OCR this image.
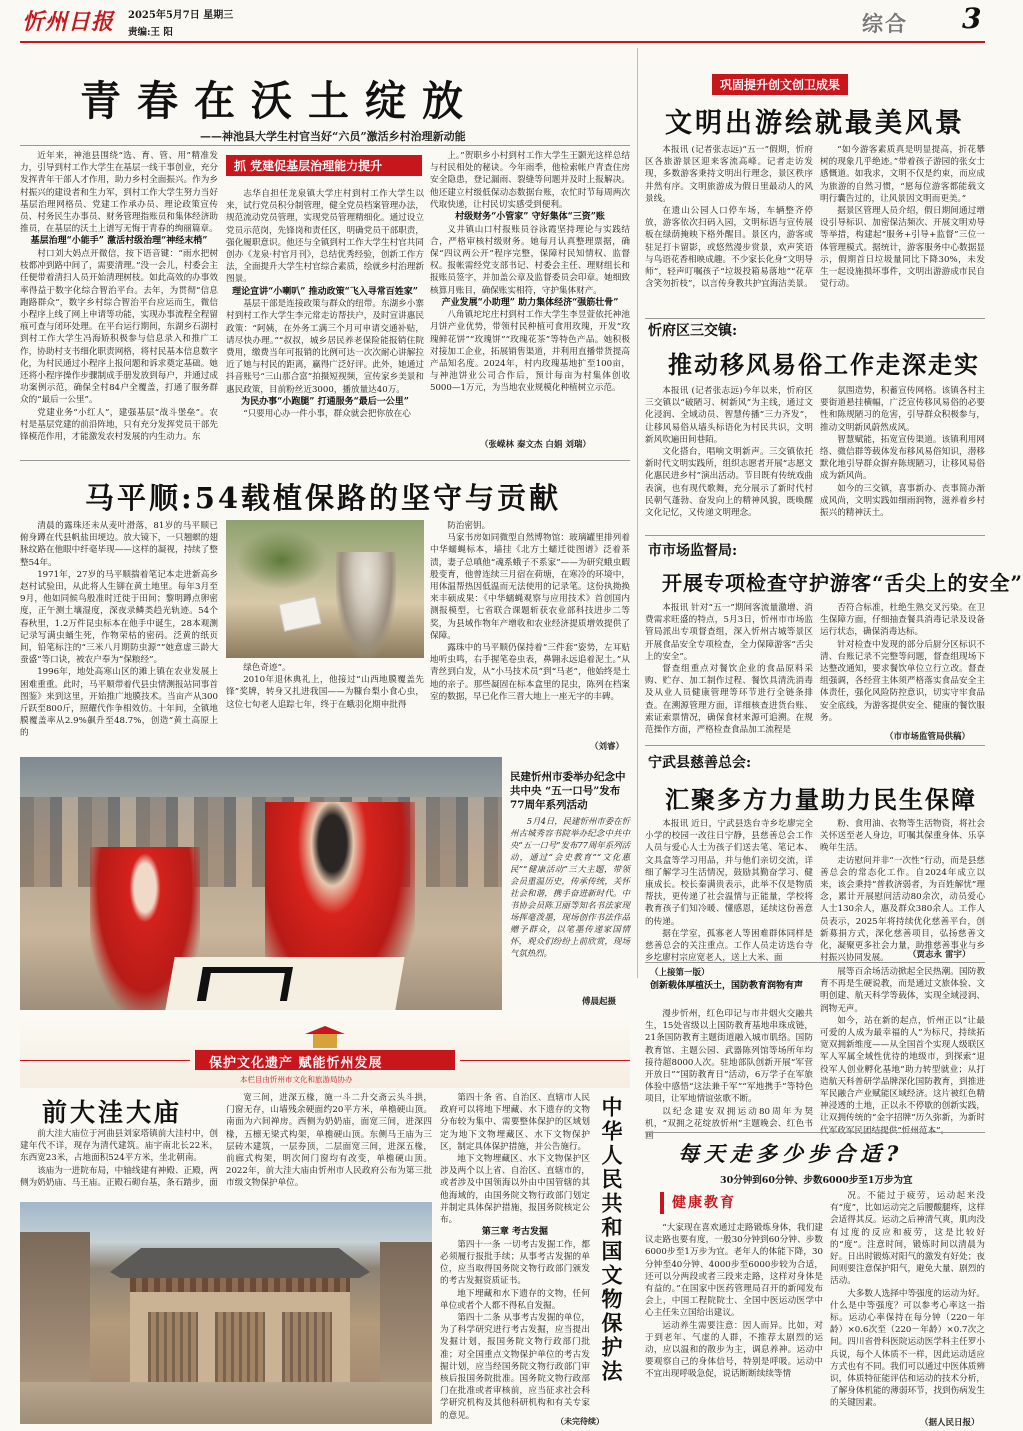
忻州日报	2025年5月7日 星期三
责编:王 阳	综合 3
青春在沃土绽放
——神池县大学生村官当好“六员”激活乡村治理新动能

近年来，神池县围绕“选、育、管、用”精准发力，引导到村工作大学生在基层一线干事创业，充分发挥青年干部人才作用，助力乡村全面振兴。作为乡村振兴的建设者和生力军，到村工作大学生努力当好基层治理网格员、党建工作承办员、理论政策宣传员、村务民生办事员、财务管理指账员和集体经济助推员，在基层的沃土上谱写无悔于青春的绚丽篇章。

基层治理“小能手” 激活村级治理“神经末梢”

村口刘大妈点开微信，按下语音键：“雨水把树枝都冲到路中间了，需要清理。”没一会儿，村委会主任便带着清扫人员开始清理树枝。如此高效的办事效率得益于数字化综合智治平台。去年，为贯彻“信息跑路群众”，数字乡村综合智治平台应运而生，微信小程序上线了网上申请等功能，实现办事流程全程留痕可查与闭环处理。在平台运行期间，东湖乡石湖村到村工作大学生冯海娇积极参与信息录入和推广工作，协助村支书细化职责网格，将村民基本信息数字化，为村民通过小程序上报问题和诉求奠定基础。她还将小程序操作步骤制成手册发放到每户，并通过成功案例示范，确保全村84户全覆盖，打通了服务群众的“最后一公里”。

党建业务“小红人”，建强基层“战斗堡垒”。农村是基层党建的前沿阵地，只有充分发挥党员干部先锋模范作用，才能激发农村发展的内生动力。东

抓 党建促基层治理能力提升

志华自担任龙泉镇大学庄村到村工作大学生以来，试行党员积分制管理，健全党员档案管理办法，规范流动党员管理，实现党员管理精细化。通过设立党员示范岗，先锋岗和责任区，明确党员干部职责，强化履职意识。他还与全镇到村工作大学生村官共同创办《龙泉·村官月刊》，总结优秀经验，创新工作方法，全面提升大学生村官综合素质，绘就乡村治理新图景。

理论宣讲“小喇叭” 推动政策“飞入寻常百姓家”

基层干部是连接政策与群众的纽带。东湖乡小寨村到村工作大学生李元常走访帮扶户，及时宣讲惠民政策：“阿姨，在外务工满三个月可申请交通补贴，请尽快办理。”“叔叔，城乡居民养老保险能报销住院费用，缴费当年可报销的比例可达一次次耐心讲解拉近了她与村民的距离，赢得广泛好评。此外，她通过抖音账号“三山那合富”拍摄短视频，宣传家乡美景和惠民政策，目前粉丝近3000，播放量达40万。

为民办事“小跑腿” 打通服务“最后一公里”

“只要用心办一件小事，群众就会把你放在心

上。”贺职乡小村到村工作大学生王颢光这样总结与村民相处的秘诀。今年雨季，他检索帐户青查住房安全隐患，登记漏雨、裂缝等问题并及时上报解决。他还建立村级低保动态数据台账，农忙时节每周两次代取快递，让村民切实感受到便利。

村级财务“小管家” 守好集体“三资”账

义井镇山口村报账员谷泳霞坚持理论与实践结合，严格审核村级财务。她每月认真整理票据，确保“四议两公开”程序完整，保障村民知情权、监督权。报帐需经党支部书记、村委会主任、理财组长和报账员签字，并加盖公章及监督委员会印章。她细致核算月账目，确保账实相符，守护集体财产。

产业发展“小助理” 助力集体经济“强筋壮骨”

八角镇坨坨庄村到村工作大学生李昱萱依托神池月饼产业优势，带领村民种植可食用玫瑰，开发“玫瑰鲜花饼”“玫瑰饼”“玫瑰花茶”等特色产品。她积极对接加工企业，拓展销售渠道，并利用直播带货提高产品知名度。2024年，村内玫瑰基地扩至100亩，与神池饼业公司合作后，预计每亩为村集体创收5000—1万元，为当地农业规模化种植树立示范。

（张嵘林 秦文杰 白娟 刘瑞）
巩固提升创文创卫成果
文明出游绘就最美风景

本报讯 (记者张志远)“五一”假期，忻府区各旅游景区迎来客流高峰。记者走访发现，多数游客秉持文明出行理念，景区秩序井然有序。文明旅游成为假日里最动人的风景线。

在遗山公园人口停车场，车辆整齐停放，游客依次扫码入园，文明标语与宣传展板在绿荫掩映下格外醒目。景区内，游客或驻足打卡留影，或悠然漫步赏景，欢声笑语与鸟语花香相映成趣。不少家长化身“文明导师”，轻声叮嘱孩子“垃圾投箱易落地”“花草含笑勿折枝”，以言传身教共护宜海洁美景。

“如今游客素质真是明显提高，折花攀树的现象几乎绝迹。”带着孩子游园的张女士感慨道。如我求，文明不仅是约束，而应成为旅游的自然习惯，“愿每位游客都能载文明行囊告过的，让风景因文明而更美。”

据景区管理人员介绍，假日期间通过增设引导标识、加密保洁频次、开展文明劝导等举措，构建起“服务+引导+监督”三位一体管理模式。据统计，游客服务中心数据显示，假期首日垃圾量同比下降30%，未发生一起设施损坏事件，文明出游游成市民自觉行动。

忻府区三交镇:
推动移风易俗工作走深走实

本报讯 (记者张志远)今年以来，忻府区三交镇以“破陋习、树新风”为主线，通过文化浸润、全域动员、智慧传播“三力齐发”，让移风易俗从墙头标语化为村民共识，文明新风吹遍田间巷陌。

文化搭台，唱响文明新声。三交镇依托新时代文明实践所，组织志愿者开展“志愿文化惠民进乡村”演出活动。节目既有传统戏曲表演，也有现代歌舞，充分展示了新时代村民朝气蓬勃、奋发向上的精神风貌，既唤醒文化记忆，又传递文明理念。

氛围造势，积蓄宣传网格。该镇各村主要街道悬挂横幅，广泛宣传移风易俗的必要性和陈规陋习的危害，引导群众积极参与，推动文明新风蔚然成风。

智慧赋能，拓宽宣传渠道。该镇利用网络、微信群等载体发布移风易俗知识，潜移默化地引导群众摒弃陈规陋习，让移风易俗成为新风尚。

如今的三交镇，喜事新办、丧事简办渐成风尚，文明实践如细雨润物，滋养着乡村振兴的精神沃土。

马平顺:54载植保路的坚守与贡献

清晨的露珠还未从麦叶滑落，81岁的马平顺已俯身蹲在代县帆盐田埂边。放大镜下，一只翘螟的翅脉纹路在他眼中纤毫毕现——这样的凝视，持续了整整54年。

1971年，27岁的马平顺揣着笔记本走进新高乡赵村试验田，从此将人生铆在黄土地里。每年3月至9月，他如同候鸟般准时迁徙于田间；黎明蹲点卵密度，正午测土壤湿度，深夜录鳞类趋光轨迹。54个春秋里，1.2万件昆虫标本在他手中诞生，28本观测记录写满虫蛹生死，作物荣枯的密码。泛黄的纸页间，铅笔标注的“三米八月期防虫源”“她意虚三龄大蚕盛”等口诀，被农户奉为“保粮经”。

1996年，地处高寒山区的滩上镇在农业发展上困难重重。此时，马平顺带着代县虫情测报站同事首图鉴》来到这里，开始推广地膜技术。当亩产从300斤跃至800斤，照耀代作争相效仿。十年间，全镇地膜覆盖率从2.9%飙升至48.7%，创造“黄土高原上的

绿色奇迹”。

2010年退休典礼上，他接过“山西地膜覆盖先锋”奖牌，转身又扎进我国——为糠台梨小食心虫，这位七旬老人追踪七年，终于在蛾羽化期申批得

防治密钥。

马家书房如同微型自然博物馆：玻璃罐里排列着中华蠕蝇标本，墙挂《北方土蠕迁徙图谱》泛着茶渍，妻子总嗔他“魂系蛾子不系家”——为研究蛾虫暇般变育，他曾连续三月宿在荷塘，在寒冷的环境中，用体温帮热因低温而无法使用的记录笔。这份执拗换来丰硕成果：《中华蠕蝇观察与应用技术》首创国内测报模型，七省联合课题斩获农业部科技进步二等奖，为县域作物年产增收和农业经济提质增效提供了保障。

露珠中的马平顺仍保持着“三件套”姿势，左耳贴地听虫鸣，右手握笔卷虫表，鼻翱永远追着泥土。”从青丝到白发，从“小马技术员”到“马老”，他始终是土地的亲子。那些凝固在标本盒里的昆虫，陈列在档案室的数据，早已化作三晋大地上一座无字的丰碑。

（刘睿）
民建忻州市委举办纪念中共中央 “五一口号”发布77周年系列活动

5月4日，民建忻州市委在忻州古城秀容书院举办纪念中共中央“五一口号”发布77周年系列活动，通过“会史教育”“文化惠民”“健康活动”三大主题，带领会员重温历史，传承传统，关怀社会和谐，携手奋进新时代。中书协会员陈卫丽等知名书法家现场挥毫泼墨，现场创作书法作品赠予群众，以笔墨传递家国情怀，观众们纷纷上前欣赏，现场气氛热烈。

傅晨起摄
市市场监督局:
开展专项检查守护游客“舌尖上的安全”

本报讯 针对“五一”期间客流量激增、消费需求旺盛的特点，5月3日，忻州市市场监管局派出专项督查组，深入忻州古城等景区开展食品安全专项检查，全力保障游客“舌尖上的安全”。

督查组重点对餐饮企业的食品原料采购、贮存、加工制作过程、餐饮具清洗消毒及从业人员健康管理等环节进行全链条排查。在溯源管理方面，详细核查进货台账、索证索票情况，确保食材来源可追溯。在规范操作方面，严格检查食品加工流程是

否符合标准，杜绝生熟交叉污染。在卫生保障方面，仔细抽查餐具消毒记录及设备运行状态，确保消毒达标。

针对检查中发现的部分后厨分区标识不清、台账记录不完整等问题，督查组现场下达整改通知，要求餐饮单位立行立改。督查组强调，各经营主体须严格落实食品安全主体责任，强化风险防控意识，切实守牢食品安全底线，为游客提供安全、健康的餐饮服务。

（市市场监管局供稿）
宁武县慈善总会:
汇聚多方力量助力民生保障

本报讯 近日，宁武县迭台寺乡圪廖完全小学的校园一改往日宁静，县慈善总会工作人员与爱心人士为孩子们送去笔、笔记本、文具盒等学习用品，并与他们亲切交流，详细了解学习生活情况，鼓励其勤奋学习、健康成长。校长秦满贵表示，此举不仅是物质帮扶，更传递了社会温情与正能量，学校将教育孩子们知冷暖、懂感恩，延续这份善意的传递。

据在学室，孤寡老人等困难群体同样是慈善总会的关注重点。工作人员走访迭台寺乡圪廖村宗应宽老人，送上大米、面

粉、食用油、衣物等生活物资，将社会关怀送至老人身边，叮嘱其保重身体、乐享晚年生活。

走访慰问并非“一次性”行动，而是县慈善总会的常态化工作。自2024年成立以来，该会秉持“普救济弱者，为百姓解忧”理念，累计开展慰问活动80余次，动员爱心人士130余人，惠及群众380余人。工作人员表示，2025年将持续优化慈善平台，创新募捐方式，深化慈善项目，弘扬慈善文化，凝聚更多社会力量，助推慈善事业与乡村振兴协同发展。	（贾志永 雷宇）
（上接第一版）
创新载体厚植沃土，国防教育润物有声

漫步忻州，红色印记与市井烟火交融共生，15处省级以上国防教育基地串珠成链，21条国防教育主题街道融入城市肌络。国防教育馆、主题公园、武器陈列馆等场所年均接待超8000人次。驻地部队创新开展“军营开放日”“国防教育日”活动，6万学子在军旅体验中感悟“这法兼千军”“军地携手”等特色项目，让军地情谊弦歌不断。

以纪念建安双拥运动80周年为契机，“双拥之花绽放忻州”主题晚会、红色书画

展等百余场活动掀起全民热潮。国防教育不再是生硬说教，而是通过文旅体验、文明创建、航天科学等载体，实现全域浸润、润物无声。

如今，站在新的起点，忻州正以“让最可爱的人成为最幸福的人”为标尺，持续拓宽双拥新维度——从全国首个实现人级联区军人军属全域性优待的地级市，到探索“退役军人创业孵化基地”助力转型就业；从打造航天科普研学品牌深化国防教育，到推进军民融合产业赋能区域经济。这片被红色精神浸透的土地，正以永不停歇的创新实践，让双拥传统的“金字招牌”历久弥新，为新时代军政军民团结提供“忻州范本”。

保护文化遗产 赋能忻州发展
本栏目由忻州市文化和旅游局协办
前大洼大庙

前大洼大庙位于河曲县刘家塔镇前大洼村中，创建年代不详，现存为清代建筑。庙宇南北长22米，东西宽23米，占地面积524平方米，坐北朝南。

该庙为一进院布局，中轴线建有神殿、正殿，两侧为奶奶庙、马王庙。正殿石砌台基，条石踏步，面

宽三间，进深五椽，施一斗二升交斋云头斗拱，门窗无存，山墙残余硬面约20平方米，单檐硬山顶。南面为六间禅房。西侧为奶奶庙，面宽三间，进深四椽，五檩无梁式构架，单檐硬山顶。东侧马王庙为三层砖木建筑，一层券顶，二层面宽三间，进深五椽，前廊式构架，明次间门窗均有改变，单檐硬山顶。2022年，前大洼大庙由忻州市人民政府公布为第三批市级文物保护单位。

第四十条 省、自治区、直辖市人民政府可以将地下埋藏、水下遗存的文物分布较为集中、需要整体保护的区域划定为地下文物埋藏区、水下文物保护区，制定具体保护措施，并公告施行。

地下文物埋藏区、水下文物保护区涉及两个以上省、自治区、直辖市的，或者涉及中国领海以外由中国管辖的其他海域的，由国务院文物行政部门划定并制定具体保护措施，报国务院核定公布。

第三章 考古发掘

第四十一条 一切考古发掘工作，都必须履行报批手续；从事考古发掘的单位，应当取得国务院文物行政部门颁发的考古发掘资质证书。

地下埋藏和水下遗存的文物，任何单位或者个人都不得私自发掘。

第四十二条 从事考古发掘的单位，为了科学研究进行考古发掘，应当提出发掘计划，报国务院文物行政部门批准；对全国重点文物保护单位的考古发掘计划，应当经国务院文物行政部门审核后报国务院批准。国务院文物行政部门在批准或者审核前，应当征求社会科学研究机构及其他科研机构和有关专家的意见。

（未完待续）
中华人民共和国文物保护法	每天走多少步合适?
30分钟到60分钟、步数6000步至1万步为宜
健康教育

“大家现在喜欢通过走路锻炼身体，我们建议走路也要有度，一般30分钟到60分钟、步数6000步至1万步为宜。老年人的体能下降，30分钟至40分钟、4000步至6000步较为合适，还可以分两段或者三段来走路，这样对身体是有益的。”在国家中医药管理局召开的新闻发布会上，中国工程院院士、全国中医运动医学中心主任朱立国给出建议。

运动养生需要注意：因人而异。比如，对于到老年、气虚的人群，不推荐太剧烈的运动，应以温和的散步为主，调息养神。运动中要观察自己的身体信号，特别是呼吸。运动中不宜出现呼吸急促，说话断断续续等情

况。不能过于疲劳，运动起来没有“度”，比如运动完之后腰酸腿疼，这样会适得其反。运动之后神清气爽，肌肉没有过度的反应和疲劳，这是比较好的“度”。注意时间，锻炼时间以清晨为好。日出时锻炼对阳气的激发有好处；夜间则要注意保护阳气，避免大量、剧烈的活动。

大多数人选择中等强度的运动为好。什么是中等强度？可以参考心率这一指标。运动心率保持在每分钟（220－年龄）×0.6次至（220－年龄）×0.7次之间。四川省骨科医院运动医学科主任罗小兵说，每个人体质不一样，因此运动适应方式也有不同。我们可以通过中医体质辨识，体质特征能评估和运动的技术分析，了解身体机能的薄弱环节，找到伤病发生的关键因素。

（据人民日报）
